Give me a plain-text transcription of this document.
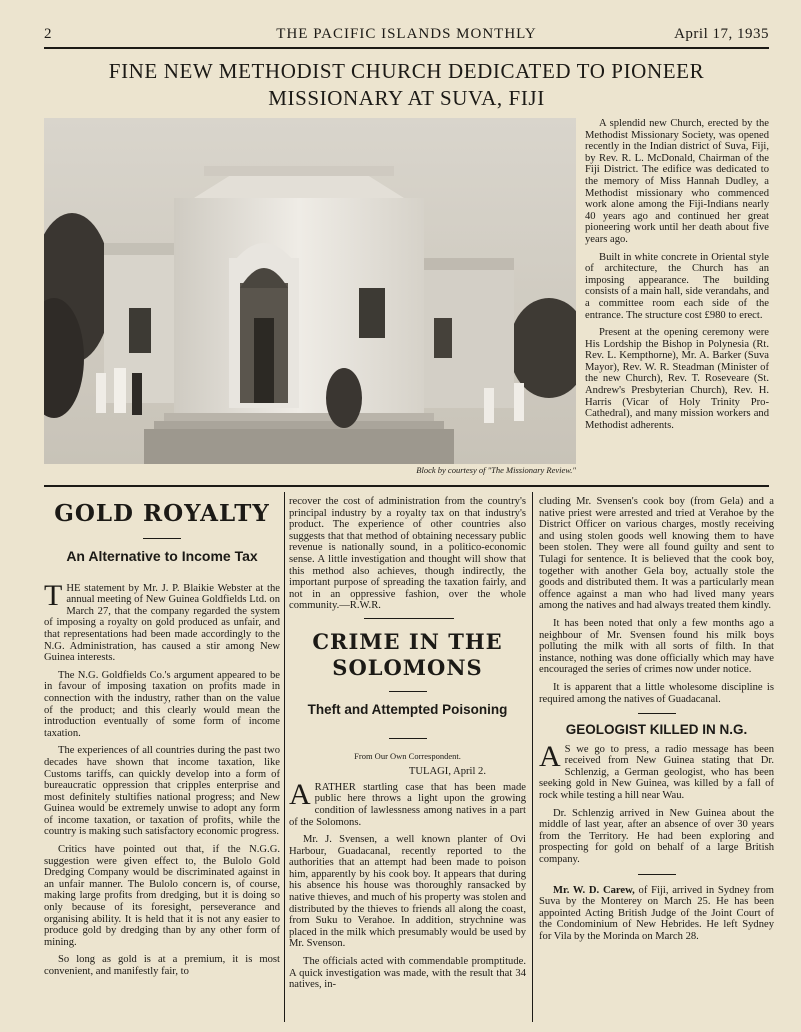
2	THE PACIFIC ISLANDS MONTHLY	April 17, 1935
FINE NEW METHODIST CHURCH DEDICATED TO PIONEER
MISSIONARY AT SUVA, FIJI
Block by courtesy of "The Missionary Review."

A splendid new Church, erected by the Methodist Missionary Society, was opened recently in the Indian district of Suva, Fiji, by Rev. R. L. McDonald, Chairman of the Fiji District. The edifice was dedicated to the memory of Miss Hannah Dudley, a Methodist missionary who commenced work alone among the Fiji-Indians nearly 40 years ago and continued her great pioneering work until her death about five years ago.

Built in white concrete in Oriental style of architecture, the Church has an imposing appearance. The building consists of a main hall, side verandahs, and a committee room each side of the entrance. The structure cost £980 to erect.

Present at the opening ceremony were His Lordship the Bishop in Polynesia (Rt. Rev. L. Kempthorne), Mr. A. Barker (Suva Mayor), Rev. W. R. Steadman (Minister of the new Church), Rev. T. Roseveare (St. Andrew's Presbyterian Church), Rev. H. Harris (Vicar of Holy Trinity Pro-Cathedral), and many mission workers and Methodist adherents.

GOLD ROYALTY
An Alternative to Income Tax

THE statement by Mr. J. P. Blaikie Webster at the annual meeting of New Guinea Goldfields Ltd. on March 27, that the company regarded the system of imposing a royalty on gold produced as unfair, and that representations had been made accordingly to the N.G. Administration, has caused a stir among New Guinea interests.

The N.G. Goldfields Co.'s argument appeared to be in favour of imposing taxation on profits made in connection with the industry, rather than on the value of the product; and this clearly would mean the introduction eventually of some form of income taxation.

The experiences of all countries during the past two decades have shown that income taxation, like Customs tariffs, can quickly develop into a form of bureaucratic oppression that cripples enterprise and most definitely stultifies national progress; and New Guinea would be extremely unwise to adopt any form of income taxation, or taxation of profits, while the country is making such satisfactory economic progress.

Critics have pointed out that, if the N.G.G. suggestion were given effect to, the Bulolo Gold Dredging Company would be discriminated against in an unfair manner. The Bulolo concern is, of course, making large profits from dredging, but it is doing so only because of its foresight, perseverance and organising ability. It is held that it is not any easier to produce gold by dredging than by any other form of mining.

So long as gold is at a premium, it is most convenient, and manifestly fair, to

recover the cost of administration from the country's principal industry by a royalty tax on that industry's product. The experience of other countries also suggests that that method of obtaining necessary public revenue is nationally sound, in a politico-economic sense. A little investigation and thought will show that this method also achieves, though indirectly, the important purpose of spreading the taxation fairly, and not in an oppressive fashion, over the whole community.—R.W.R.

CRIME IN THE
SOLOMONS
Theft and Attempted Poisoning
From Our Own Correspondent.
TULAGI, April 2.

ARATHER startling case that has been made public here throws a light upon the growing condition of lawlessness among natives in a part of the Solomons.

Mr. J. Svensen, a well known planter of Ovi Harbour, Guadacanal, recently reported to the authorities that an attempt had been made to poison him, apparently by his cook boy. It appears that during his absence his house was thoroughly ransacked by native thieves, and much of his property was stolen and distributed by the thieves to friends all along the coast, from Suku to Verahoe. In addition, strychnine was placed in the milk which presumably would be used by Mr. Svenson.

The officials acted with commendable promptitude. A quick investigation was made, with the result that 34 natives, in-

cluding Mr. Svensen's cook boy (from Gela) and a native priest were arrested and tried at Verahoe by the District Officer on various charges, mostly receiving and using stolen goods well knowing them to have been stolen. They were all found guilty and sent to Tulagi for sentence. It is believed that the cook boy, together with another Gela boy, actually stole the goods and distributed them. It was a particularly mean offence against a man who had lived many years among the natives and had always treated them kindly.

It has been noted that only a few months ago a neighbour of Mr. Svensen found his milk boys polluting the milk with all sorts of filth. In that instance, nothing was done officially which may have encouraged the series of crimes now under notice.

It is apparent that a little wholesome discipline is required among the natives of Guadacanal.

GEOLOGIST KILLED IN N.G.

A S we go to press, a radio message has been received from New Guinea stating that Dr. Schlenzig, a German geologist, who has been seeking gold in New Guinea, was killed by a fall of rock while testing a hill near Wau.

Dr. Schlenzig arrived in New Guinea about the middle of last year, after an absence of over 30 years from the Territory. He had been exploring and prospecting for gold on behalf of a large British company.

Mr. W. D. Carew, of Fiji, arrived in Sydney from Suva by the Monterey on March 25. He has been appointed Acting British Judge of the Joint Court of the Condominium of New Hebrides. He left Sydney for Vila by the Morinda on March 28.
